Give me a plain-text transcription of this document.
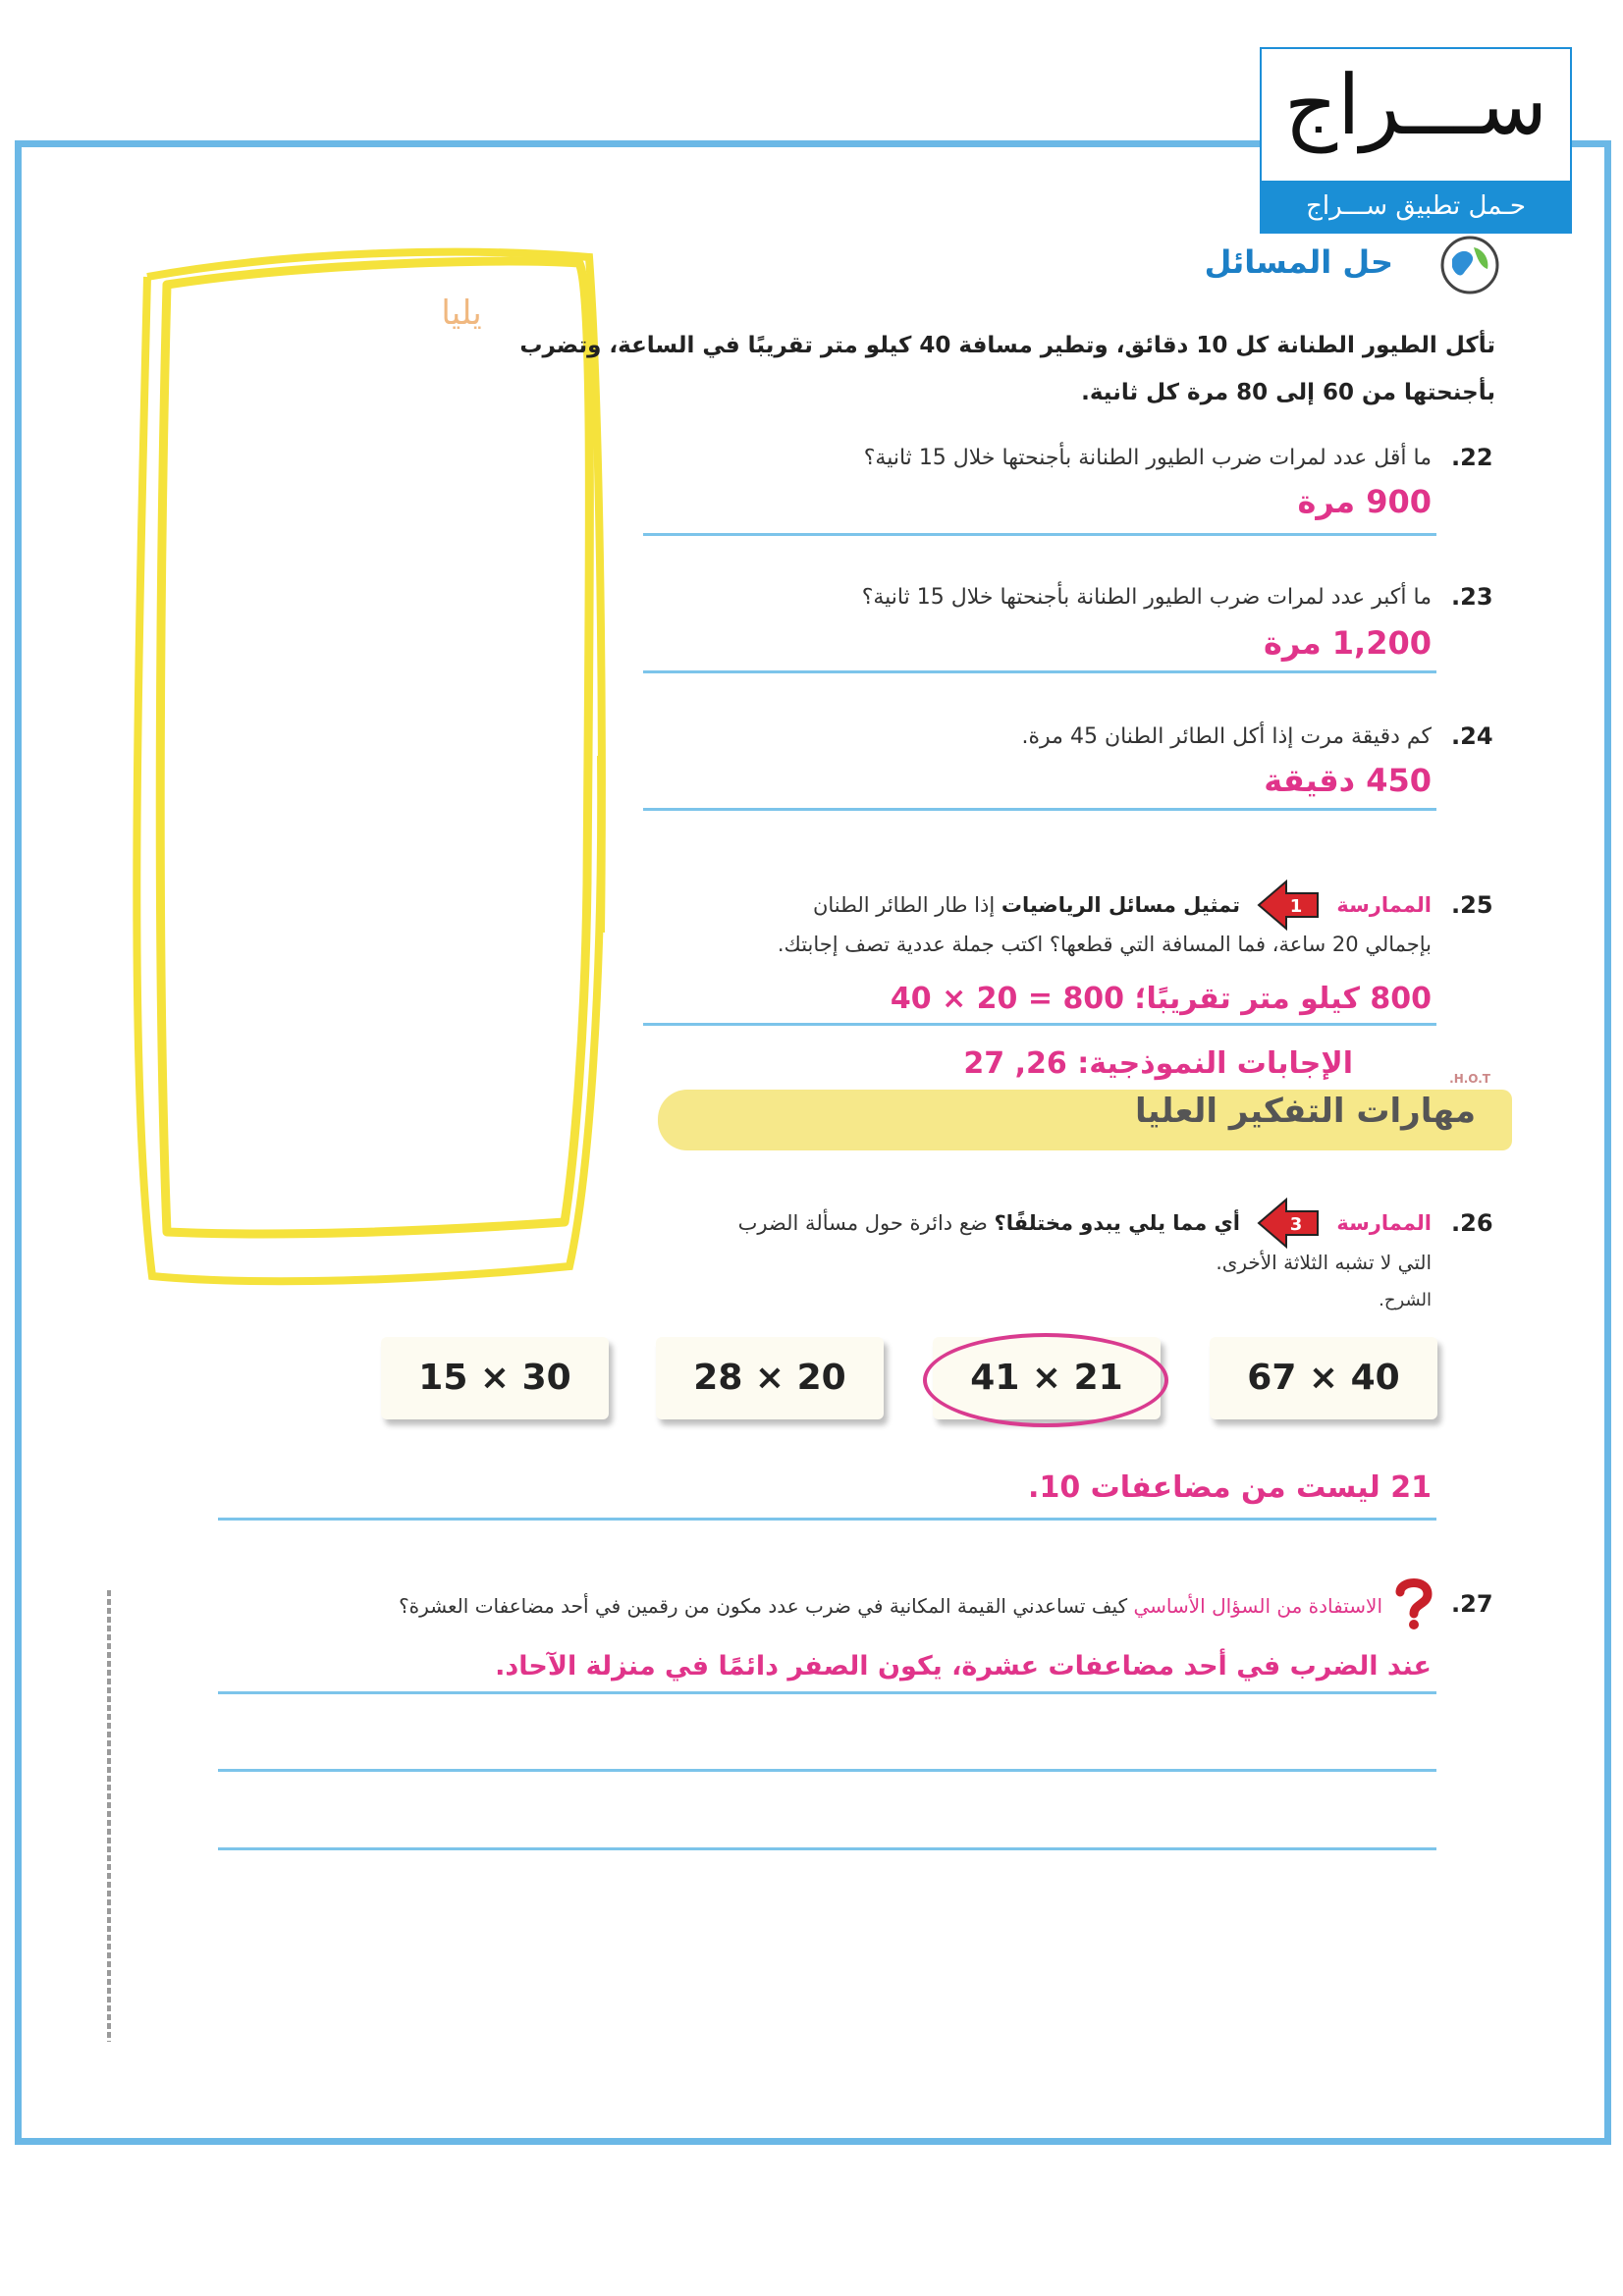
يليا
ســـراج
حـمل تطبيق ســـراج
حل المسائل
تأكل الطيور الطنانة كل 10 دقائق، وتطير مسافة 40 كيلو متر تقريبًا في الساعة، وتضرب بأجنحتها من 60 إلى 80 مرة كل ثانية.
.22
ما أقل عدد لمرات ضرب الطيور الطنانة بأجنحتها خلال 15 ثانية؟
900 مرة
.23
ما أكبر عدد لمرات ضرب الطيور الطنانة بأجنحتها خلال 15 ثانية؟
1,200 مرة
.24
كم دقيقة مرت إذا أكل الطائر الطنان 45 مرة.
450 دقيقة
.25
الممارسة
1
تمثيل مسائل الرياضيات إذا طار الطائر الطنان
بإجمالي 20 ساعة، فما المسافة التي قطعها؟ اكتب جملة عددية تصف إجابتك.
800 كيلو متر تقريبًا؛ 800 = 20 × 40
الإجابات النموذجية: 26, 27	H.O.T.
مهارات التفكير العليا
.26
الممارسة
3
أي مما يلي يبدو مختلفًا؟ ضع دائرة حول مسألة الضرب
التي لا تشبه الثلاثة الأخرى.
الشرح.
15 × 30	28 × 20	41 × 21	67 × 40
21 ليست من مضاعفات 10.
.27
الاستفادة من السؤال الأساسي كيف تساعدني القيمة المكانية في ضرب عدد مكون من رقمين في أحد مضاعفات العشرة؟
عند الضرب في أحد مضاعفات عشرة، يكون الصفر دائمًا في منزلة الآحاد.
